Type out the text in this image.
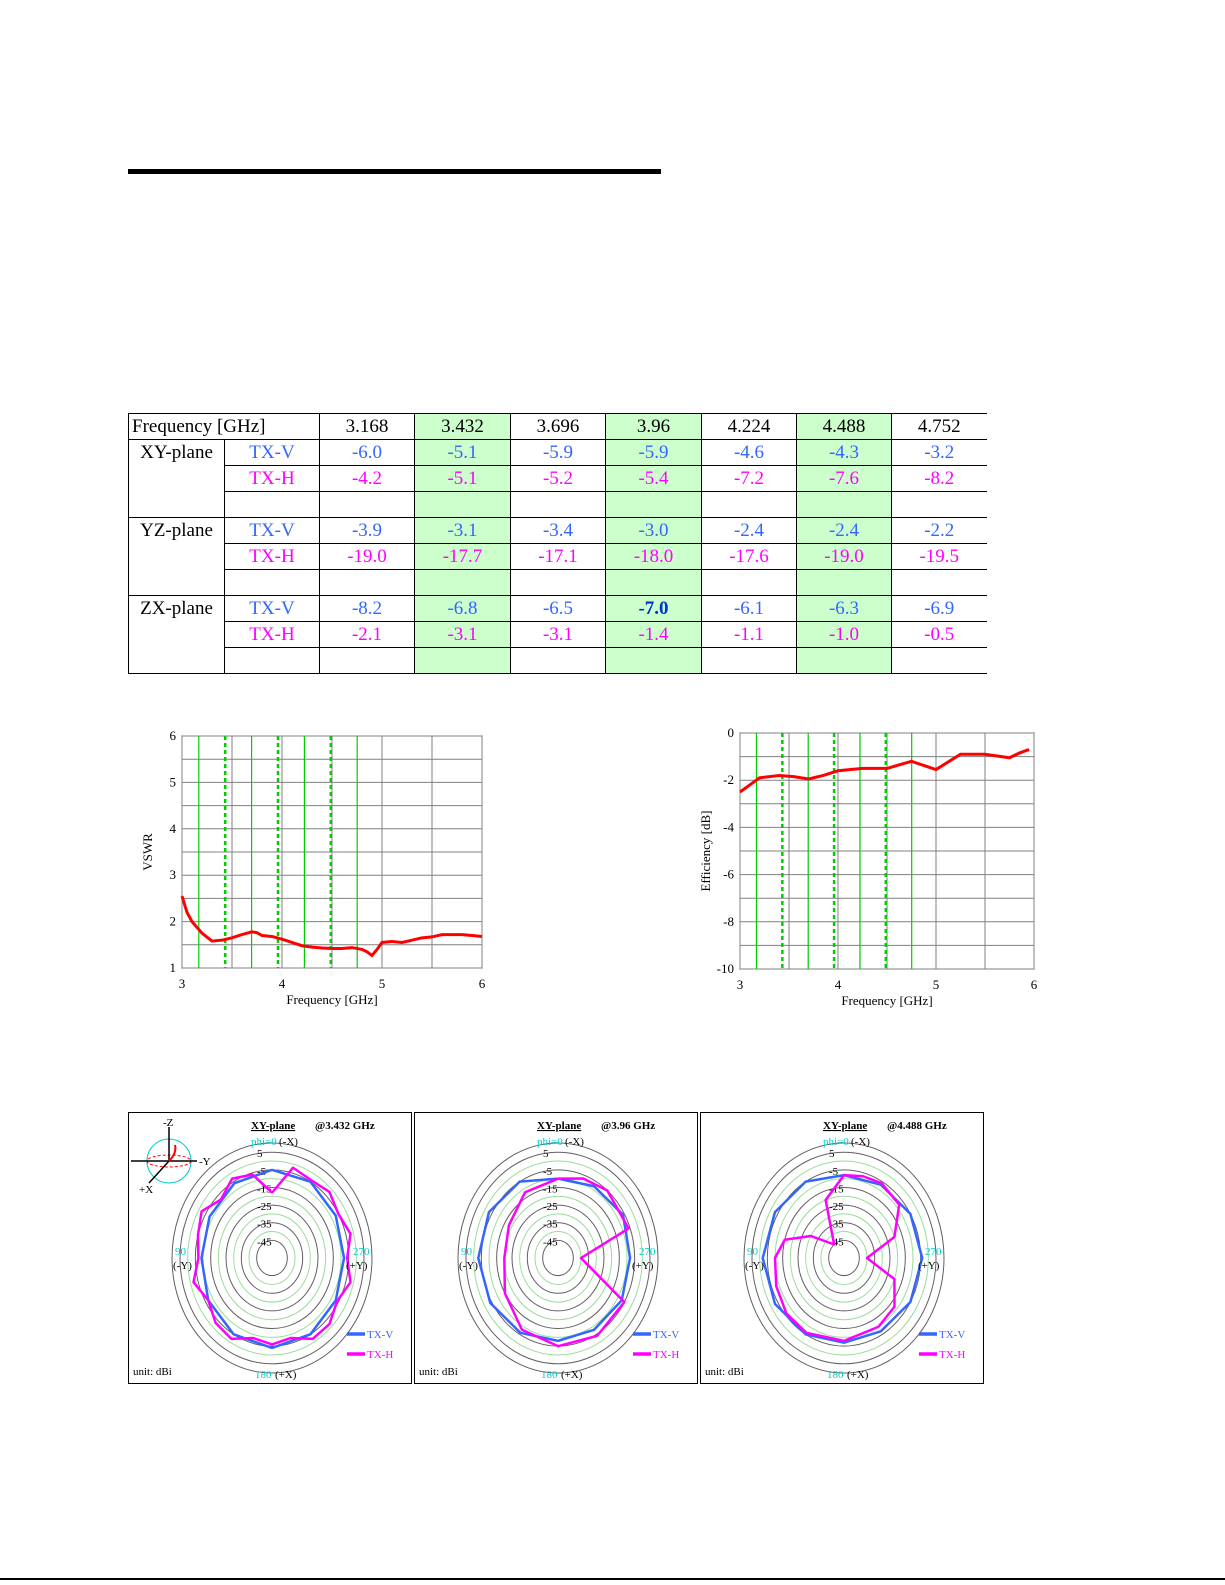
Frequency [GHz]		3.168	3.432	3.696	3.96	4.224	4.488	4.752
XY-plane	TX-V	-6.0	-5.1	-5.9	-5.9	-4.6	-4.3	-3.2
	TX-H	-4.2	-5.1	-5.2	-5.4	-7.2	-7.6	-8.2

YZ-plane	TX-V	-3.9	-3.1	-3.4	-3.0	-2.4	-2.4	-2.2
	TX-H	-19.0	-17.7	-17.1	-18.0	-17.6	-19.0	-19.5

ZX-plane	TX-V	-8.2	-6.8	-6.5	-7.0	-6.1	-6.3	-6.9
	TX-H	-2.1	-3.1	-3.1	-1.4	-1.1	-1.0	-0.5

1
2
3
4
5
6
3	4	5	6
Frequency [GHz]
VSWR
0
-2
-4
-6
-8
-10
3	4	5	6
Frequency [GHz]
Efficiency [dB]
5
-5
-15
-25
-35
-45
XY-plane @3.432 GHz
phi=0 (-X)
90
(-Y)
270
(+Y)
180 (+X)
unit: dBi
TX-V
TX-H
-Z
-Y
+X
5
-5
-15
-25
-35
-45
XY-plane @3.96 GHz
phi=0 (-X)
90
(-Y)
270
(+Y)
180 (+X)
unit: dBi
TX-V
TX-H
5
-5
-15
-25
-35
-45
XY-plane @4.488 GHz
phi=0 (-X)
90
(-Y)
270
(+Y)
180 (+X)
unit: dBi
TX-V
TX-H
